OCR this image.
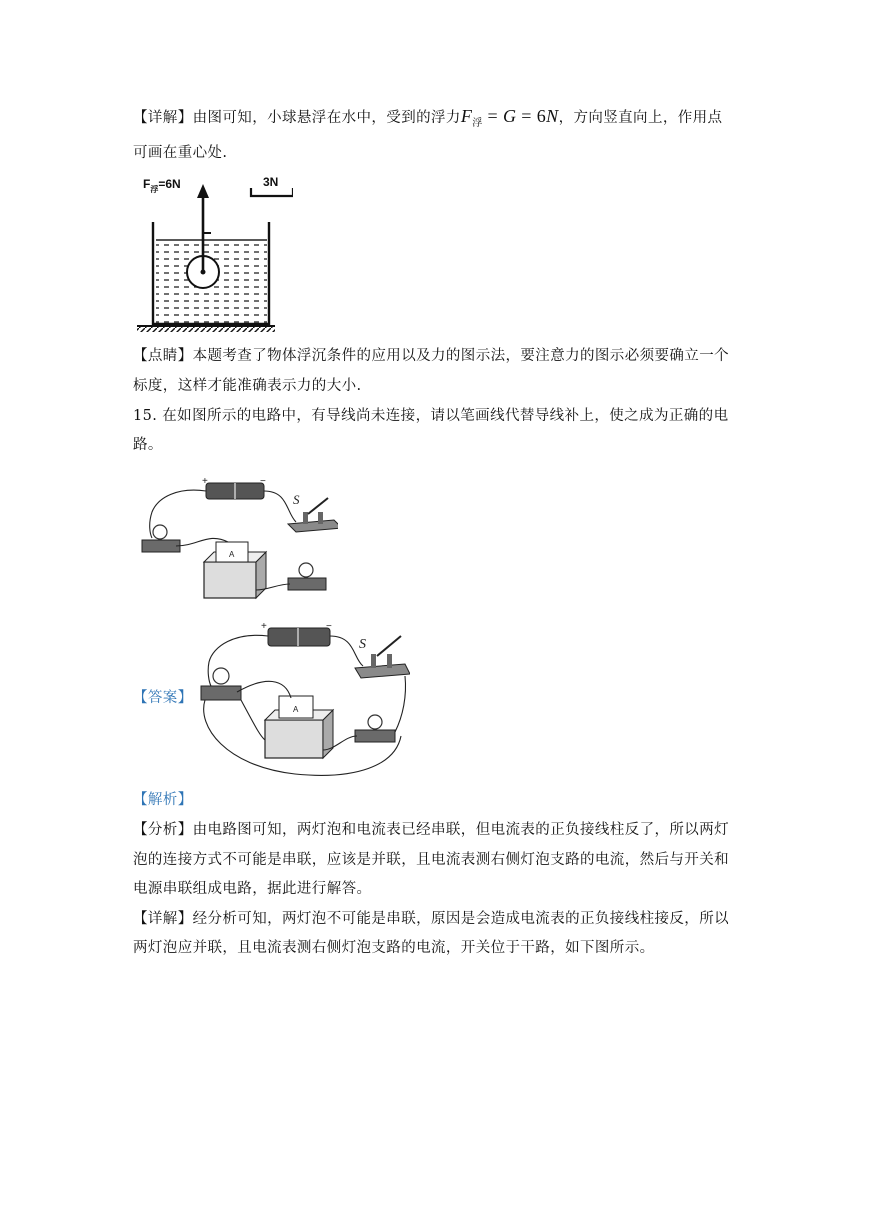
【详解】由图可知，小球悬浮在水中，受到的浮力$F_浮 = G = 6N$，方向竖直向上，作用点
可画在重心处.
$F_浮=6N$	3N
【点睛】本题考查了物体浮沉条件的应用以及力的图示法，要注意力的图示必须要确立一个
标度，这样才能准确表示力的大小.
15. 在如图所示的电路中，有导线尚未连接，请以笔画线代替导线补上，使之成为正确的电
路。
+	−
S
A
【答案】
+	−
S
A
【解析】
【分析】由电路图可知，两灯泡和电流表已经串联，但电流表的正负接线柱反了，所以两灯
泡的连接方式不可能是串联，应该是并联，且电流表测右侧灯泡支路的电流，然后与开关和
电源串联组成电路，据此进行解答。
【详解】经分析可知，两灯泡不可能是串联，原因是会造成电流表的正负接线柱接反，所以
两灯泡应并联，且电流表测右侧灯泡支路的电流，开关位于干路，如下图所示。
